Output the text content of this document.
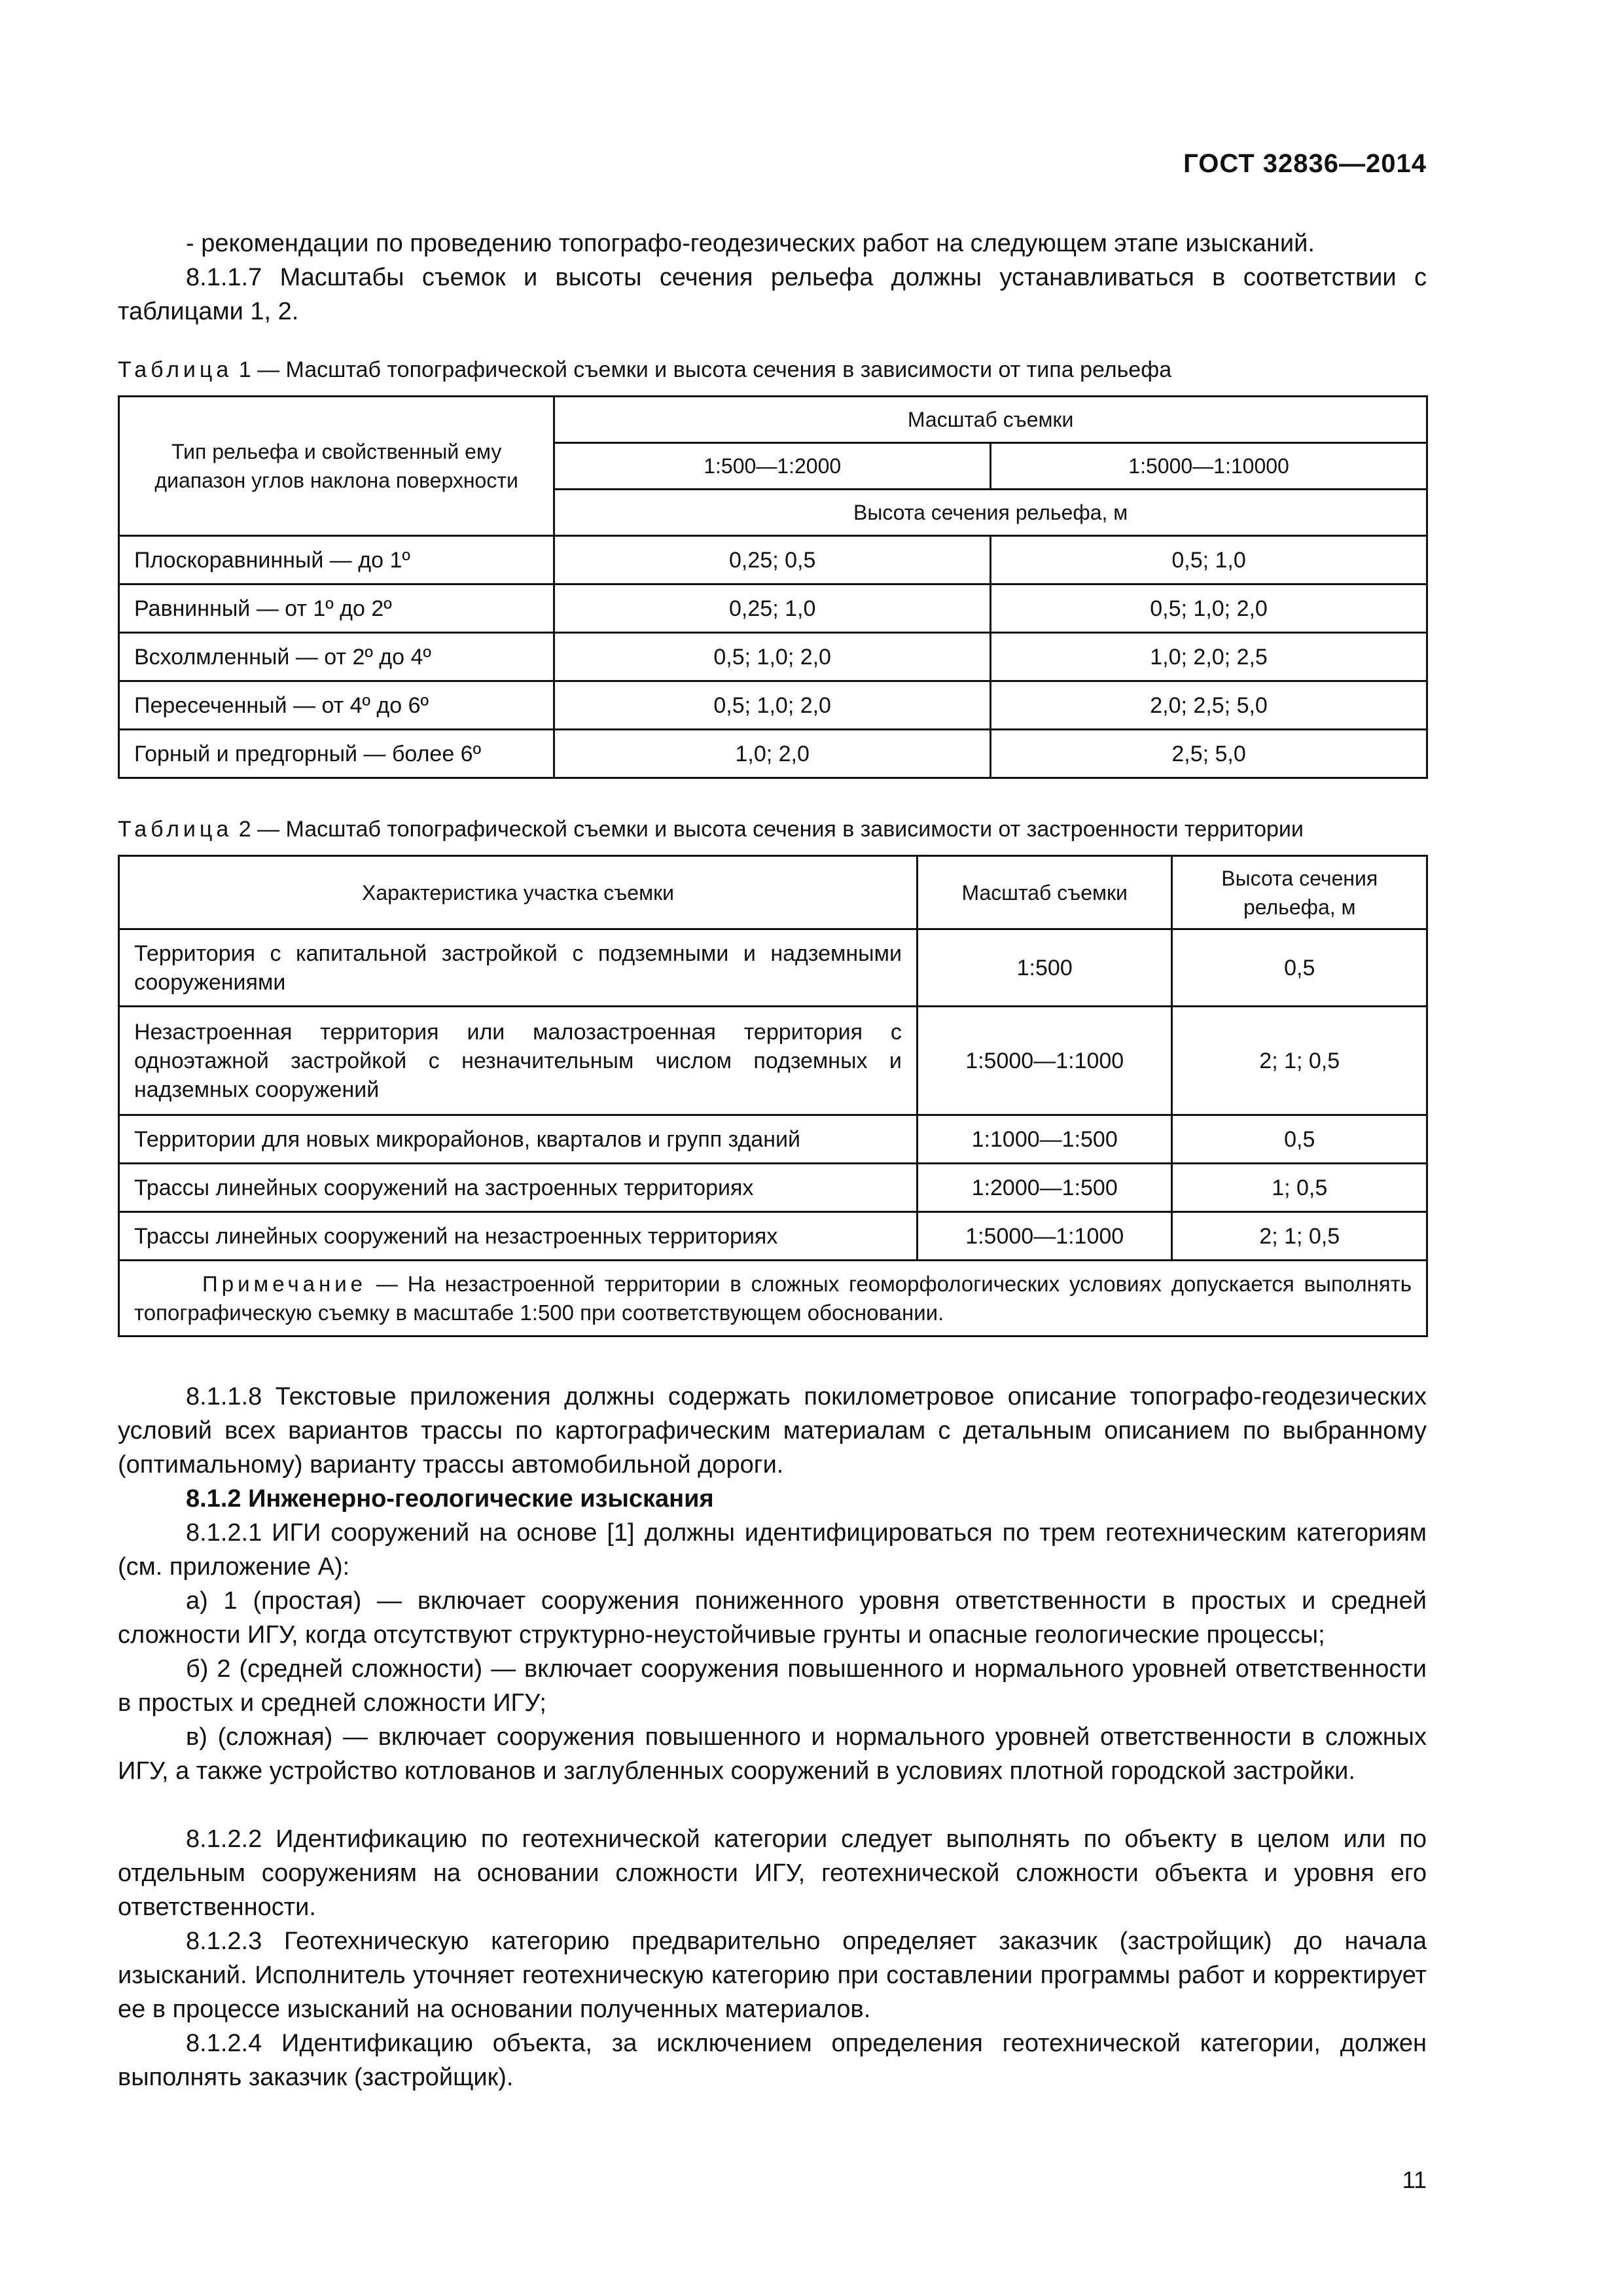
ГОСТ 32836—2014
- рекомендации по проведению топографо-геодезических работ на следующем этапе изысканий.
8.1.1.7 Масштабы съемок и высоты сечения рельефа должны устанавливаться в соответствии с таблицами 1, 2.
Таблица 1 — Масштаб топографической съемки и высота сечения в зависимости от типа рельефа
Тип рельефа и свойственный ему диапазон углов наклона поверхности	Масштаб съемки	
	1:500—1:2000	1:5000—1:10000
	Высота сечения рельефа, м	
Плоскоравнинный — до 1º	0,25; 0,5	0,5; 1,0
Равнинный — от 1º до 2º	0,25; 1,0	0,5; 1,0; 2,0
Всхолмленный — от 2º до 4º	0,5; 1,0; 2,0	1,0; 2,0; 2,5
Пересеченный — от 4º до 6º	0,5; 1,0; 2,0	2,0; 2,5; 5,0
Горный и предгорный — более 6º	1,0; 2,0	2,5; 5,0
Таблица 2 — Масштаб топографической съемки и высота сечения в зависимости от застроенности территории
Характеристика участка съемки	Масштаб съемки	Высота сечения рельефа, м
Территория с капитальной застройкой с подземными и надземными сооружениями	1:500	0,5
Незастроенная территория или малозастроенная территория с одноэтажной застройкой с незначительным числом подземных и надземных сооружений	1:5000—1:1000	2; 1; 0,5
Территории для новых микрорайонов, кварталов и групп зданий	1:1000—1:500	0,5
Трассы линейных сооружений на застроенных территориях	1:2000—1:500	1; 0,5
Трассы линейных сооружений на незастроенных территориях	1:5000—1:1000	2; 1; 0,5
Примечание — На незастроенной территории в сложных геоморфологических условиях допускается выполнять топографическую съемку в масштабе 1:500 при соответствующем обосновании.		
8.1.1.8 Текстовые приложения должны содержать покилометровое описание топографо-геодезических условий всех вариантов трассы по картографическим материалам с детальным описанием по выбранному (оптимальному) варианту трассы автомобильной дороги.
8.1.2 Инженерно-геологические изыскания
8.1.2.1 ИГИ сооружений на основе [1] должны идентифицироваться по трем геотехническим категориям (см. приложение А):
а) 1 (простая) — включает сооружения пониженного уровня ответственности в простых и средней сложности ИГУ, когда отсутствуют структурно-неустойчивые грунты и опасные геологические процессы;
б) 2 (средней сложности) — включает сооружения повышенного и нормального уровней ответственности в простых и средней сложности ИГУ;
в) (сложная) — включает сооружения повышенного и нормального уровней ответственности в сложных ИГУ, а также устройство котлованов и заглубленных сооружений в условиях плотной городской застройки.
8.1.2.2 Идентификацию по геотехнической категории следует выполнять по объекту в целом или по отдельным сооружениям на основании сложности ИГУ, геотехнической сложности объекта и уровня его ответственности.
8.1.2.3 Геотехническую категорию предварительно определяет заказчик (застройщик) до начала изысканий. Исполнитель уточняет геотехническую категорию при составлении программы работ и корректирует ее в процессе изысканий на основании полученных материалов.
8.1.2.4 Идентификацию объекта, за исключением определения геотехнической категории, должен выполнять заказчик (застройщик).
11
